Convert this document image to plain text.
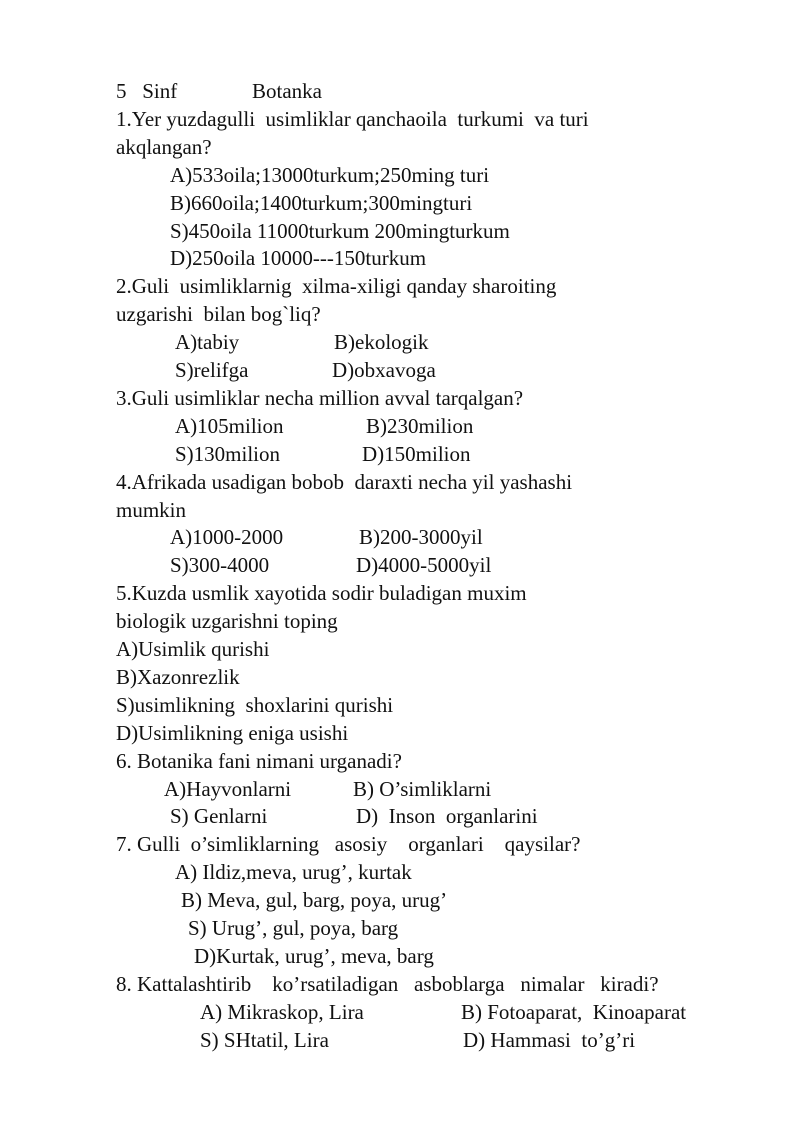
5   Sinf	Botanka
1.Yer yuzdagulli  usimliklar qanchaoila  turkumi  va turi
akqlangan?
A)533oila;13000turkum;250ming turi
B)660oila;1400turkum;300mingturi
S)450oila 11000turkum 200mingturkum
D)250oila 10000---150turkum
2.Guli  usimliklarnig  xilma-xiligi qanday sharoiting
uzgarishi  bilan bog`liq?
A)tabiy	B)ekologik
S)relifga	D)obxavoga
3.Guli usimliklar necha million avval tarqalgan?
A)105milion	B)230milion
S)130milion	D)150milion
4.Afrikada usadigan bobob  daraxti necha yil yashashi
mumkin
A)1000-2000	B)200-3000yil
S)300-4000	D)4000-5000yil
5.Kuzda usmlik xayotida sodir buladigan muxim
biologik uzgarishni toping
A)Usimlik qurishi
B)Xazonrezlik
S)usimlikning  shoxlarini qurishi
D)Usimlikning eniga usishi
6. Botanika fani nimani urganadi?
A)Hayvonlarni	B) O’simliklarni
S) Genlarni	D)  Inson  organlarini
7. Gulli  o’simliklarning   asosiy    organlari    qaysilar?
A) Ildiz,meva, urug’, kurtak
B) Meva, gul, barg, poya, urug’
S) Urug’, gul, poya, barg
D)Kurtak, urug’, meva, barg
8. Kattalashtirib    ko’rsatiladigan   asboblarga   nimalar   kiradi?
A) Mikraskop, Lira	B) Fotoaparat,  Kinoaparat
S) SHtatil, Lira	D) Hammasi  to’g’ri
